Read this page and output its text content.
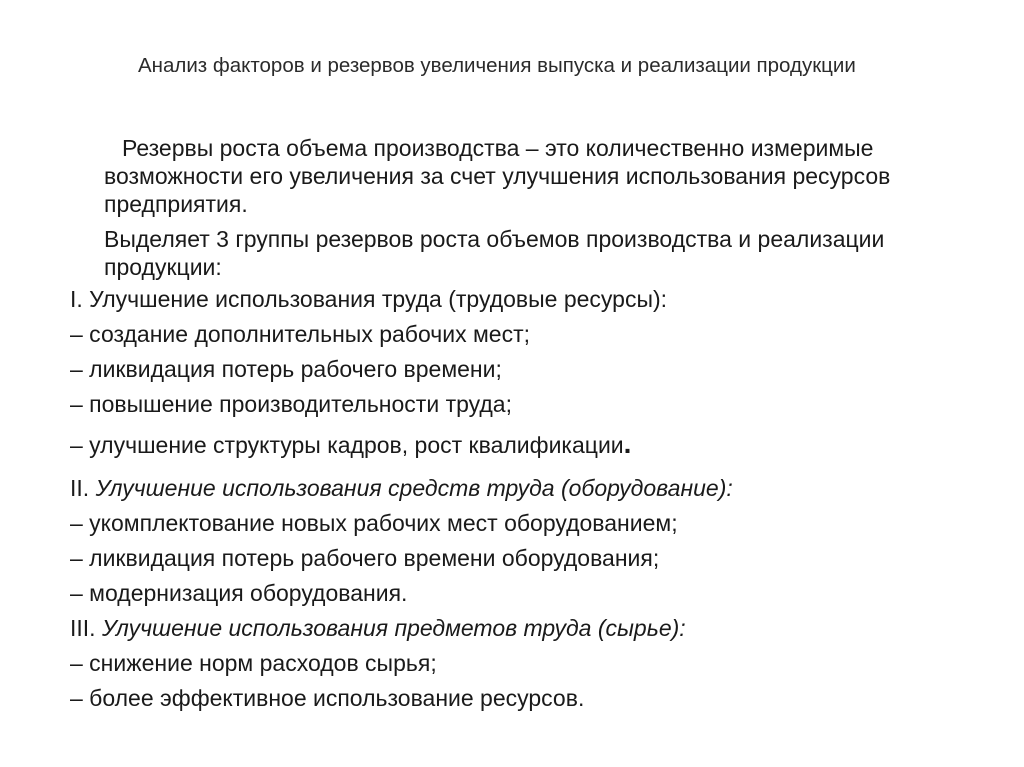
Анализ факторов и резервов увеличения выпуска и реализации продукции
Резервы роста объема производства – это количественно измеримые возможности его увеличения за счет улучшения использования ресурсов предприятия.
Выделяет 3 группы резервов роста объемов производства и реализации продукции:
I. Улучшение использования труда (трудовые ресурсы):
– создание дополнительных рабочих мест;
– ликвидация потерь рабочего времени;
– повышение производительности труда;
– улучшение структуры кадров, рост квалификации.
II. Улучшение использования средств труда (оборудование):
– укомплектование новых рабочих мест оборудованием;
– ликвидация потерь рабочего времени оборудования;
– модернизация оборудования.
III. Улучшение использования предметов труда (сырье):
– снижение норм расходов сырья;
– более эффективное использование ресурсов.
